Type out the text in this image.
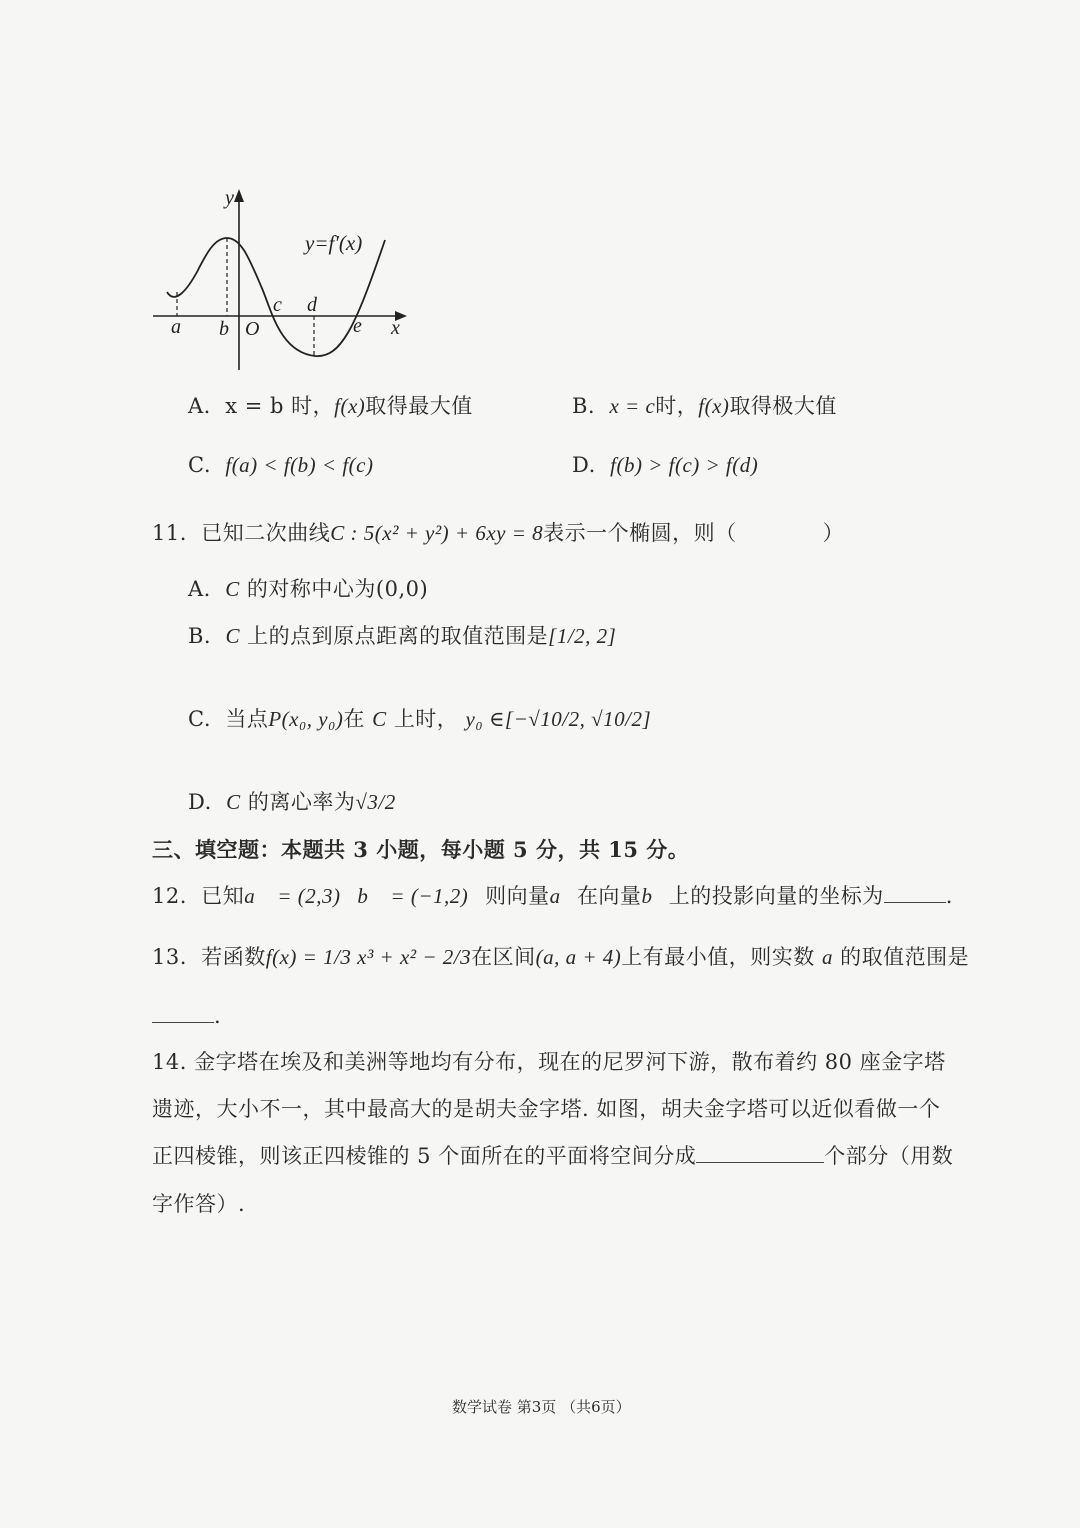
y
x
y=f′(x)
O
a b
c d
e
A. x = b 时，f(x)取得最大值	B. x = c时，f(x)取得极大值
C. f(a) < f(b) < f(c)	D. f(b) > f(c) > f(d)
11. 已知二次曲线C : 5(x² + y²) + 6xy = 8表示一个椭圆，则（　　　　）
A. C 的对称中心为(0,0)
B. C 上的点到原点距离的取值范围是[1/2, 2]
C. 当点P(x₀, y₀)在 C 上时， y₀ ∈[−√10/2, √10/2]
D. C 的离心率为√3/2
三、填空题：本题共 3 小题，每小题 5 分，共 15 分。
12. 已知a⃗ = (2,3)，b⃗ = (−1,2)，则向量a⃗在向量b⃗上的投影向量的坐标为	.
13. 若函数f(x) = 1/3 x³ + x² − 2/3在区间(a, a + 4)上有最小值，则实数 a 的取值范围是
.
14. 金字塔在埃及和美洲等地均有分布，现在的尼罗河下游，散布着约 80 座金字塔
遗迹，大小不一，其中最高大的是胡夫金字塔. 如图，胡夫金字塔可以近似看做一个
正四棱锥，则该正四棱锥的 5 个面所在的平面将空间分成	个部分（用数
字作答）.
数学试卷 第3页 （共6页）
